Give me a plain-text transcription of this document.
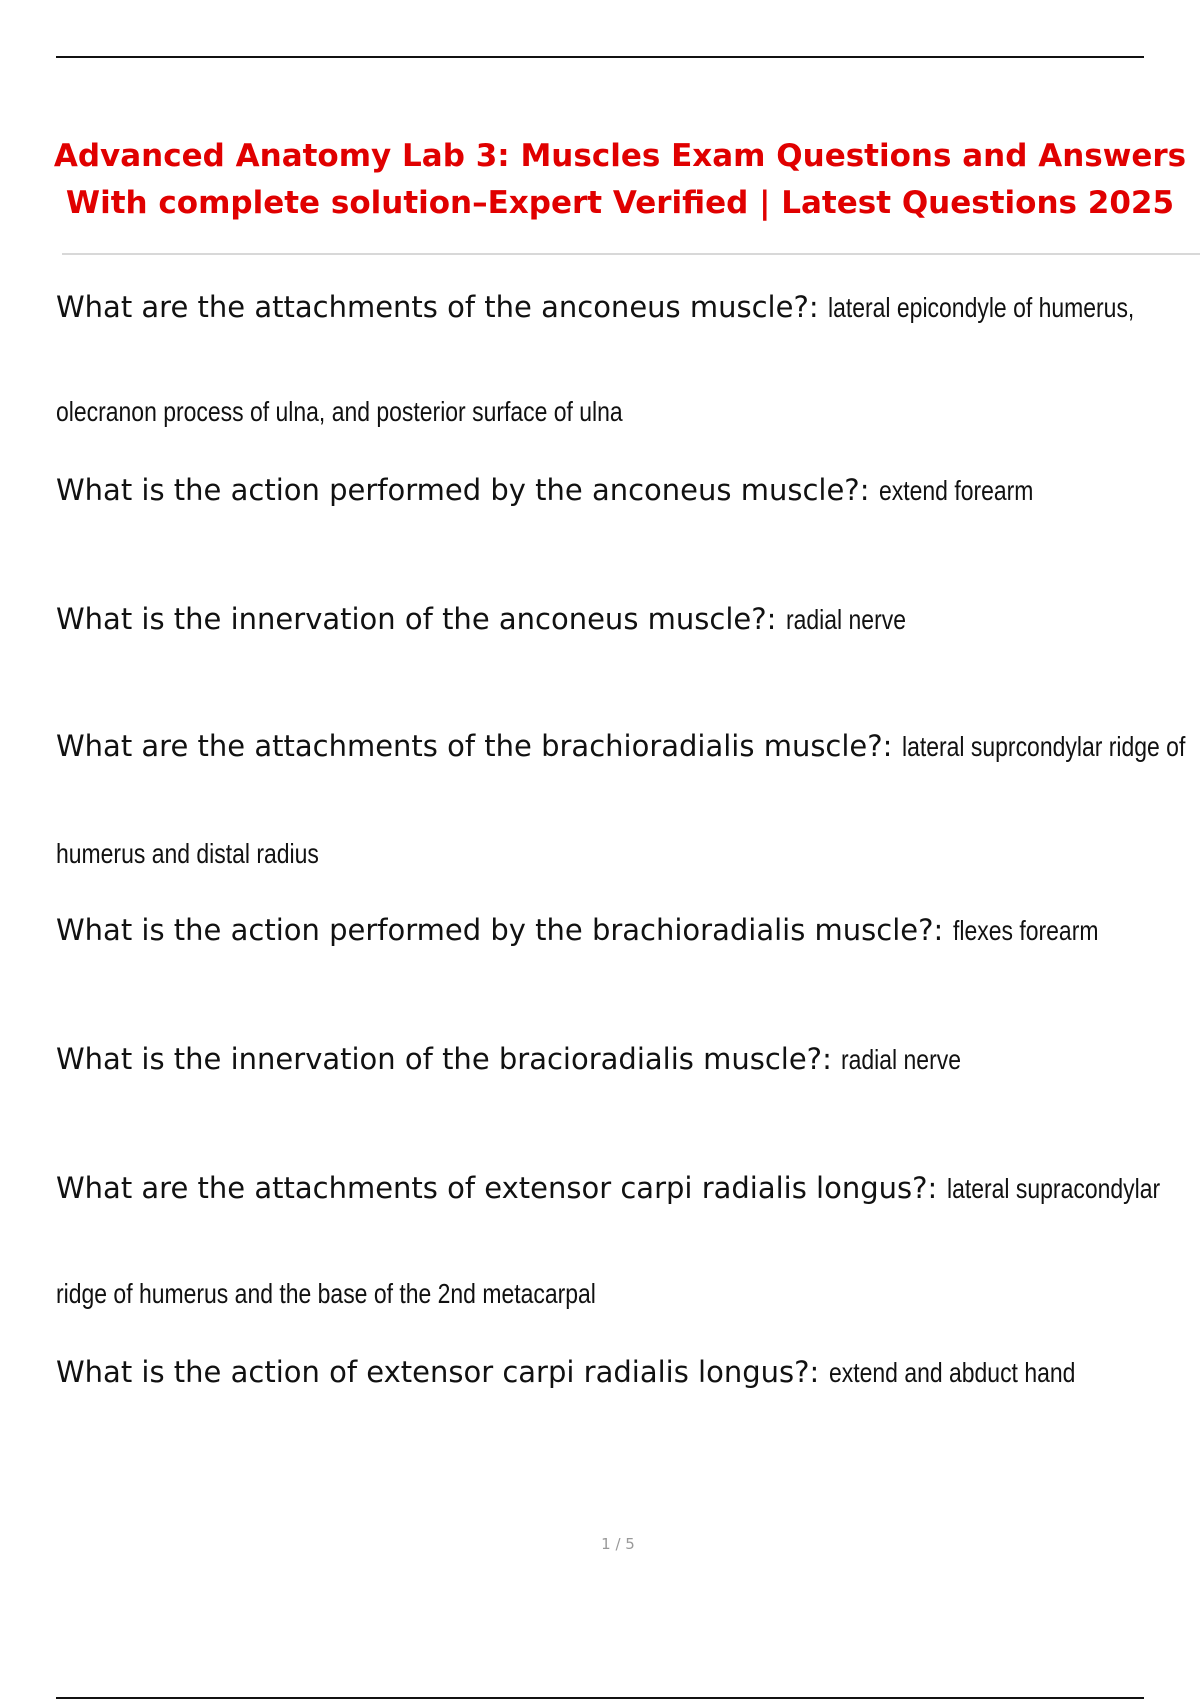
Advanced Anatomy Lab 3: Muscles Exam Questions and Answers
With complete solution–Expert Verified | Latest Questions 2025

What are the attachments of the anconeus muscle?: lateral epicondyle of humerus,

olecranon process of ulna, and posterior surface of ulna

What is the action performed by the anconeus muscle?: extend forearm

What is the innervation of the anconeus muscle?: radial nerve

What are the attachments of the brachioradialis muscle?: lateral suprcondylar ridge of

humerus and distal radius

What is the action performed by the brachioradialis muscle?: flexes forearm

What is the innervation of the bracioradialis muscle?: radial nerve

What are the attachments of extensor carpi radialis longus?: lateral supracondylar

ridge of humerus and the base of the 2nd metacarpal

What is the action of extensor carpi radialis longus?: extend and abduct hand

1 / 5
